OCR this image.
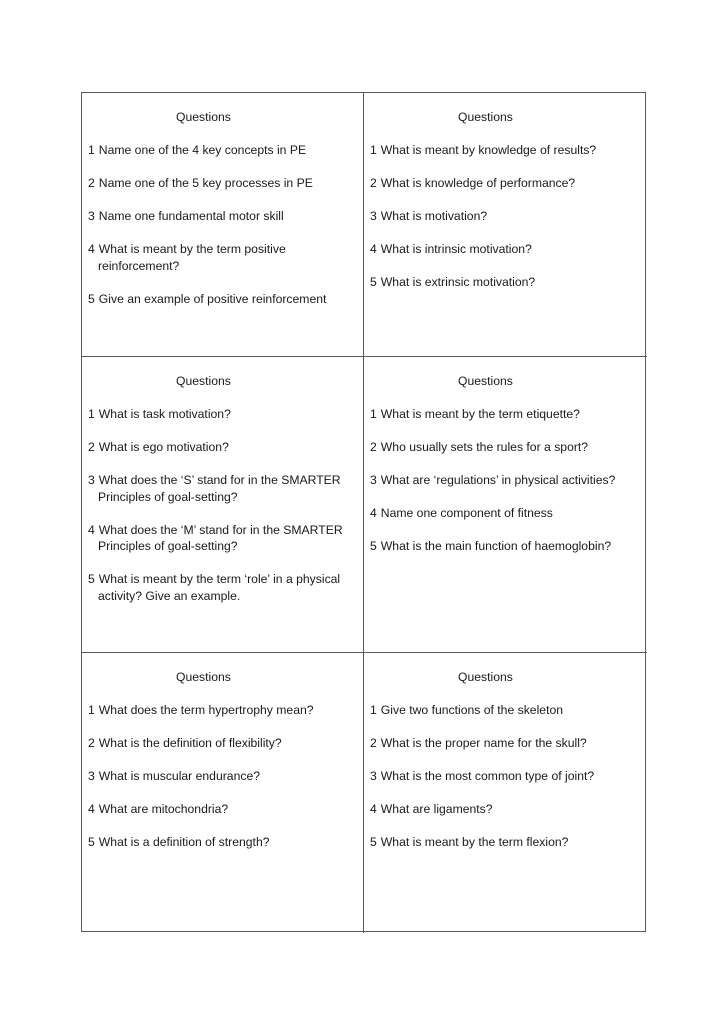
Questions
1 Name one of the 4 key concepts in PE
2 Name one of the 5 key processes in PE
3 Name one fundamental motor skill
4 What is meant by the term positive reinforcement?
5 Give an example of positive reinforcement
Questions
1 What is meant by knowledge of results?
2 What is knowledge of performance?
3 What is motivation?
4 What is intrinsic motivation?
5 What is extrinsic motivation?
Questions
1 What is task motivation?
2 What is ego motivation?
3 What does the ‘S’ stand for in the SMARTER Principles of goal-setting?
4 What does the ‘M’ stand for in the SMARTER Principles of goal-setting?
5 What is meant by the term ‘role’ in a physical activity? Give an example.
Questions
1 What is meant by the term etiquette?
2 Who usually sets the rules for a sport?
3 What are ‘regulations’ in physical activities?
4 Name one component of fitness
5 What is the main function of haemoglobin?
Questions
1 What does the term hypertrophy mean?
2 What is the definition of flexibility?
3 What is muscular endurance?
4 What are mitochondria?
5 What is a definition of strength?
Questions
1 Give two functions of the skeleton
2 What is the proper name for the skull?
3 What is the most common type of joint?
4 What are ligaments?
5 What is meant by the term flexion?
